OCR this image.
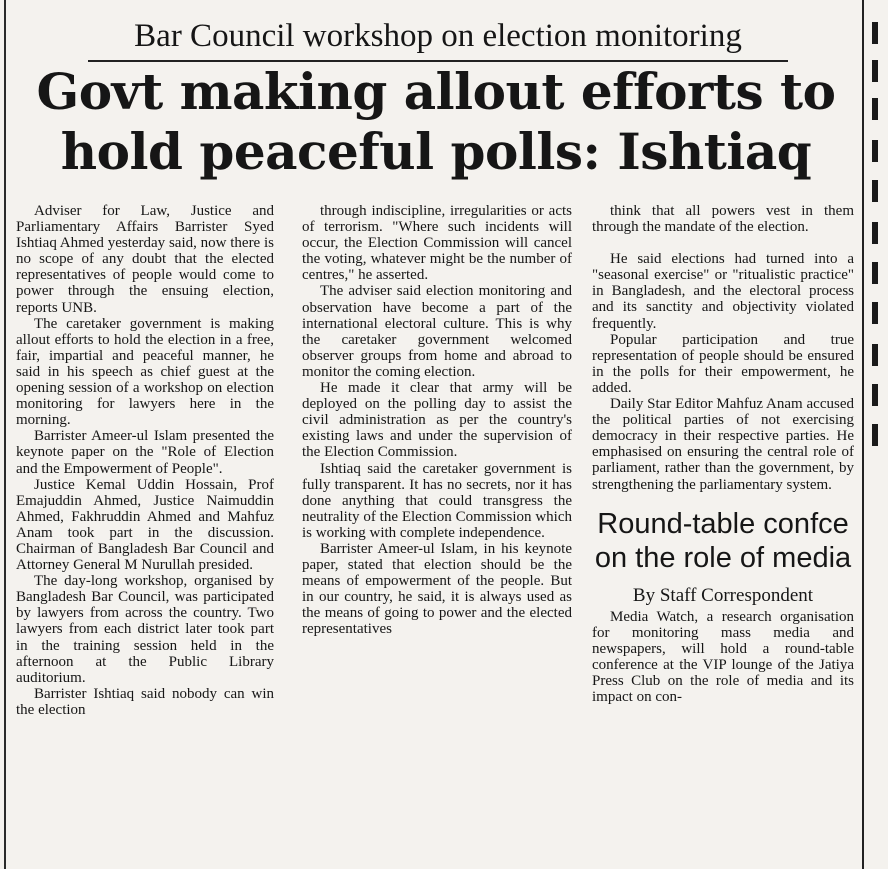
Bar Council workshop on election monitoring
Govt making allout efforts to
hold peaceful polls: Ishtiaq

Adviser for Law, Justice and Parliamentary Affairs Barrister Syed Ishtiaq Ahmed yesterday said, now there is no scope of any doubt that the elected representatives of people would come to power through the ensuing election, reports UNB.

The caretaker government is making allout efforts to hold the election in a free, fair, impartial and peaceful manner, he said in his speech as chief guest at the opening session of a workshop on election monitoring for lawyers here in the morning.

Barrister Ameer-ul Islam presented the keynote paper on the "Role of Election and the Empowerment of People".

Justice Kemal Uddin Hossain, Prof Emajuddin Ahmed, Justice Naimuddin Ahmed, Fakhruddin Ahmed and Mahfuz Anam took part in the discussion. Chairman of Bangladesh Bar Council and Attorney General M Nurullah presided.

The day-long workshop, organised by Bangladesh Bar Council, was participated by lawyers from across the country. Two lawyers from each district later took part in the training session held in the afternoon at the Public Library auditorium.

Barrister Ishtiaq said nobody can win the election

through indiscipline, irregularities or acts of terrorism. "Where such incidents will occur, the Election Commission will cancel the voting, whatever might be the number of centres," he asserted.

The adviser said election monitoring and observation have become a part of the international electoral culture. This is why the caretaker government welcomed observer groups from home and abroad to monitor the coming election.

He made it clear that army will be deployed on the polling day to assist the civil administration as per the country's existing laws and under the supervision of the Election Commission.

Ishtiaq said the caretaker government is fully transparent. It has no secrets, nor it has done anything that could transgress the neutrality of the Election Commission which is working with complete independence.

Barrister Ameer-ul Islam, in his keynote paper, stated that election should be the means of empowerment of the people. But in our country, he said, it is always used as the means of going to power and the elected representatives

think that all powers vest in them through the mandate of the election.

He said elections had turned into a "seasonal exercise" or "ritualistic practice" in Bangladesh, and the electoral process and its sanctity and objectivity violated frequently.

Popular participation and true representation of people should be ensured in the polls for their empowerment, he added.

Daily Star Editor Mahfuz Anam accused the political parties of not exercising democracy in their respective parties. He emphasised on ensuring the central role of parliament, rather than the government, by strengthening the parliamentary system.

Round-table confce on the role of media
By Staff Correspondent

Media Watch, a research organisation for monitoring mass media and newspapers, will hold a round-table conference at the VIP lounge of the Jatiya Press Club on the role of media and its impact on con-
